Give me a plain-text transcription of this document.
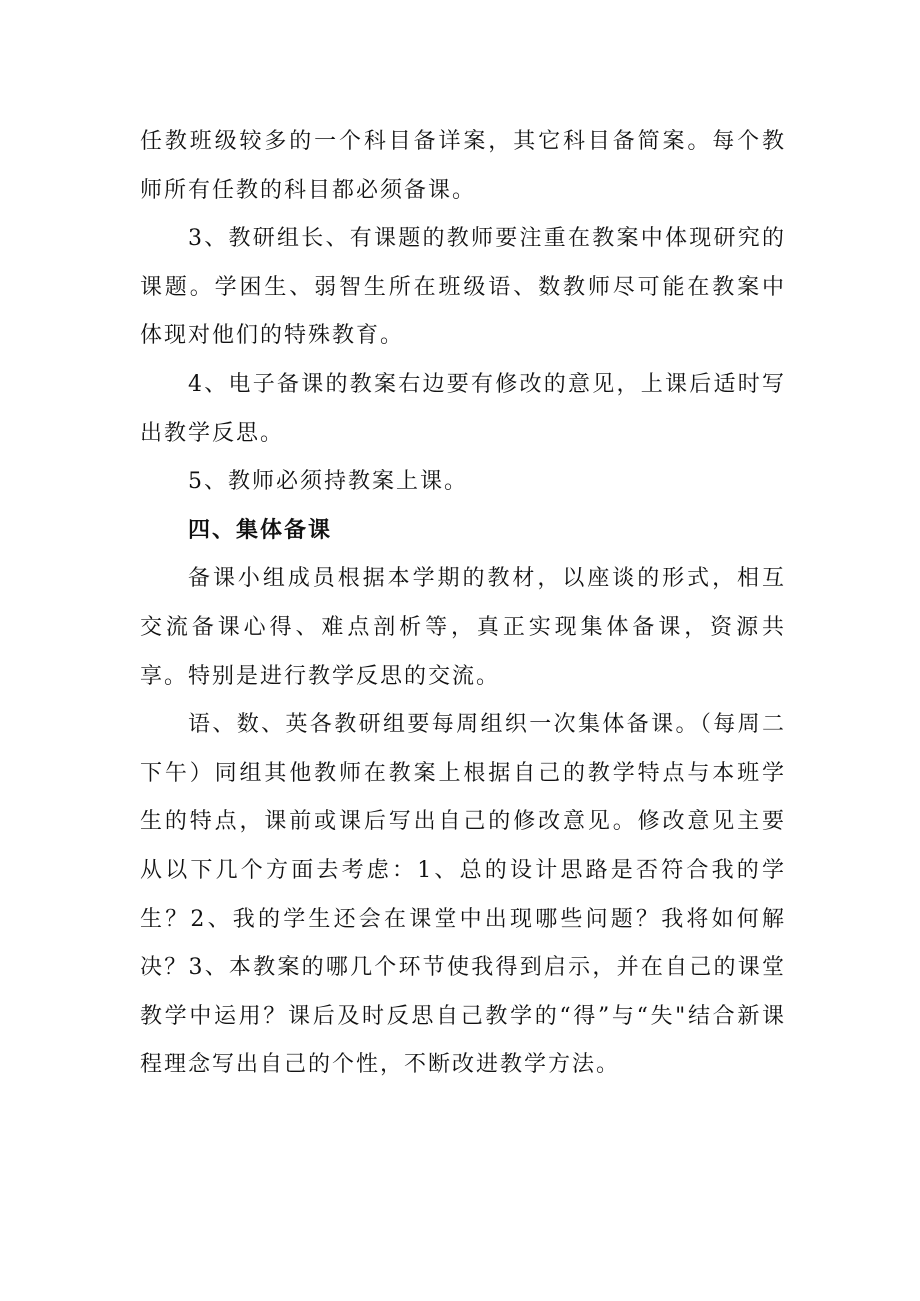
任教班级较多的一个科目备详案，其它科目备简案。每个教师所有任教的科目都必须备课。

3、教研组长、有课题的教师要注重在教案中体现研究的课题。学困生、弱智生所在班级语、数教师尽可能在教案中体现对他们的特殊教育。

4、电子备课的教案右边要有修改的意见，上课后适时写出教学反思。

5、教师必须持教案上课。

四、集体备课

备课小组成员根据本学期的教材，以座谈的形式，相互交流备课心得、难点剖析等，真正实现集体备课，资源共享。特别是进行教学反思的交流。

语、数、英各教研组要每周组织一次集体备课。（每周二下午）同组其他教师在教案上根据自己的教学特点与本班学生的特点，课前或课后写出自己的修改意见。修改意见主要从以下几个方面去考虑：1、总的设计思路是否符合我的学生？2、我的学生还会在课堂中出现哪些问题？我将如何解决？3、本教案的哪几个环节使我得到启示，并在自己的课堂教学中运用？课后及时反思自己教学的“得”与“失"结合新课程理念写出自己的个性，不断改进教学方法。
